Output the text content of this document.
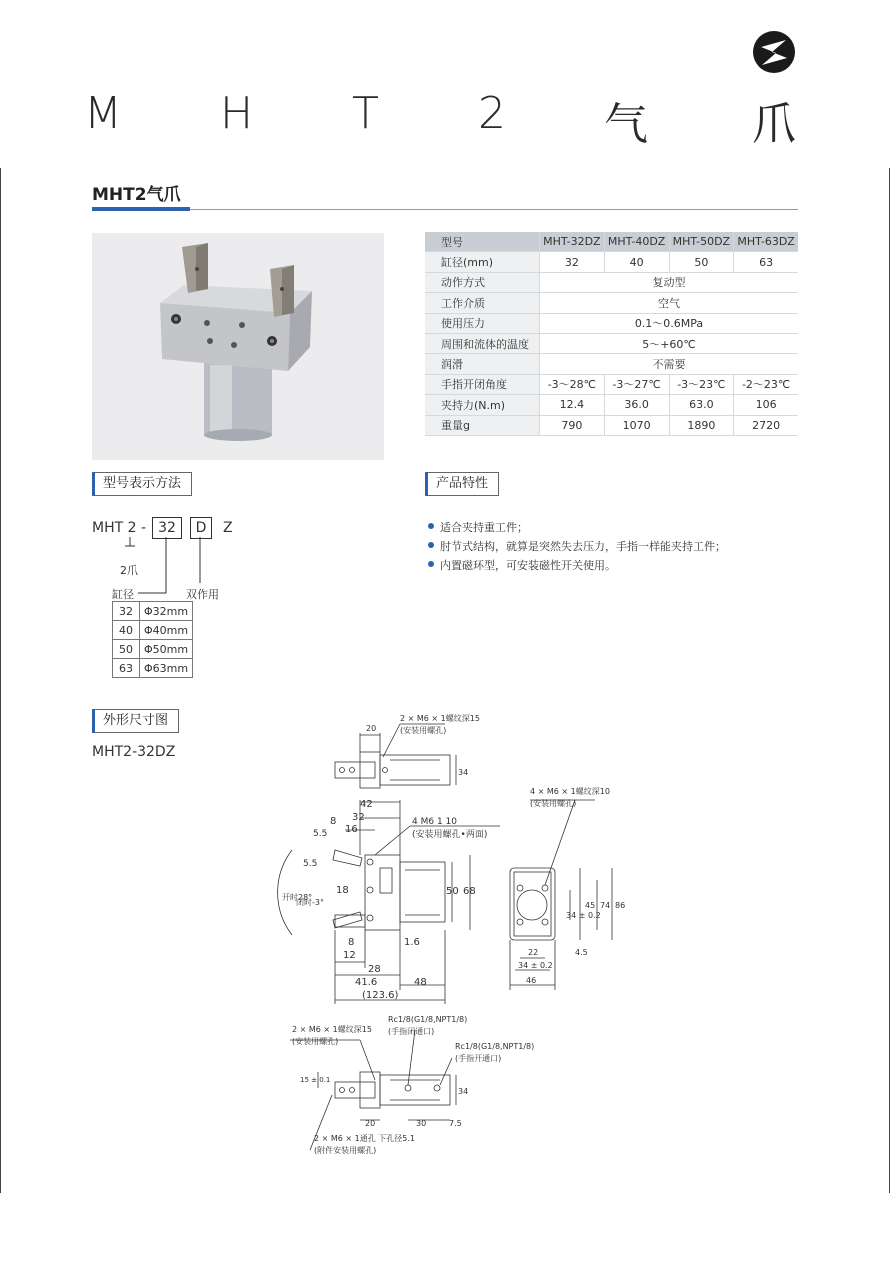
M H T 2 气 爪
MHT2气爪
型号	MHT-32DZ	MHT-40DZ	MHT-50DZ	MHT-63DZ
缸径(mm)	32	40	50	63
动作方式	复动型			
工作介质	空气			
使用压力	0.1～0.6MPa			
周围和流体的温度	5～+60℃			
润滑	不需要			
手指开闭角度	-3～28℃	-3～27℃	-3～23℃	-2～23℃
夹持力(N.m)	12.4	36.0	63.0	106
重量g	790	1070	1890	2720
型号表示方法
MHT 2 - 32	D	Z
2爪
缸径	双作用
32	Φ32mm
40	Φ40mm
50	Φ50mm
63	Φ63mm
产品特性
适合夹持重工件；
肘节式结构，就算是突然失去压力，手指一样能夹持工件；
内置磁环型，可安装磁性开关使用。
外形尺寸图
MHT2-32DZ
20
2 × M6 × 1螺纹深15
(安装用螺孔)
34
42
32
16
8
5.5
5.5
开时28°
闭时-3°
4 M6 1 10
(安装用螺孔•两面)
18	50 68
8
12
1.6
28
41.6	48
(123.6)
4 × M6 × 1螺纹深10
(安装用螺孔)
34 ± 0.2
45 74 86
4.5
22
34 ± 0.2
46
2 × M6 × 1螺纹深15
(安装用螺孔)
Rc1/8(G1/8,NPT1/8)
(手指闭通口)
Rc1/8(G1/8,NPT1/8)
(手指开通口)
15 ± 0.1
34
20	30	7.5
2 × M6 × 1通孔 下孔径5.1
(附件安装用螺孔)
